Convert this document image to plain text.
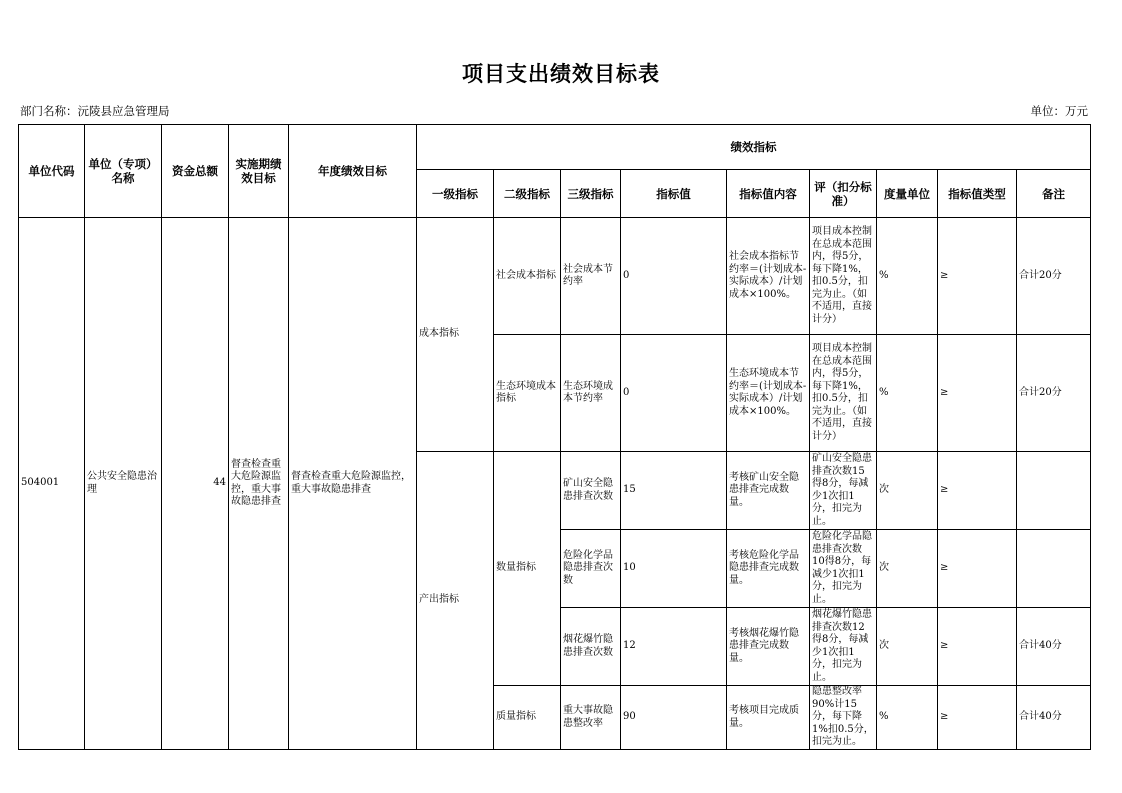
项目支出绩效目标表
部门名称：沅陵县应急管理局	单位：万元
单位代码	单位（专项）名称	资金总额	实施期绩效目标	年度绩效目标	绩效指标								
					一级指标	二级指标	三级指标	指标值	指标值内容	评（扣分标准）	度量单位	指标值类型	备注
504001	公共安全隐患治理	44	督查检查重大危险源监控，重大事故隐患排查	督查检查重大危险源监控，重大事故隐患排查	成本指标	社会成本指标	社会成本节约率	0	社会成本指标节约率＝(计划成本-实际成本）/计划成本×100%。	项目成本控制在总成本范围内，得5分，每下降1%，扣0.5分，扣完为止。（如不适用，直接计分）	%	≥	合计20分
						生态环境成本指标	生态环境成本节约率	0	生态环境成本节约率＝(计划成本-实际成本）/计划成本×100%。	项目成本控制在总成本范围内，得5分，每下降1%，扣0.5分，扣完为止。（如不适用，直接计分）	%	≥	合计20分
					产出指标	数量指标	矿山安全隐患排查次数	15	考核矿山安全隐患排查完成数量。	矿山安全隐患排查次数15得8分，每减少1次扣1分，扣完为止。	次	≥	
							危险化学品隐患排查次数	10	考核危险化学品隐患排查完成数量。	危险化学品隐患排查次数10得8分，每减少1次扣1分，扣完为止。	次	≥	
							烟花爆竹隐患排查次数	12	考核烟花爆竹隐患排查完成数量。	烟花爆竹隐患排查次数12得8分，每减少1次扣1分，扣完为止。	次	≥	合计40分
						质量指标	重大事故隐患整改率	90	考核项目完成质量。	隐患整改率90%计15分，每下降1%扣0.5分，扣完为止。	%	≥	合计40分
